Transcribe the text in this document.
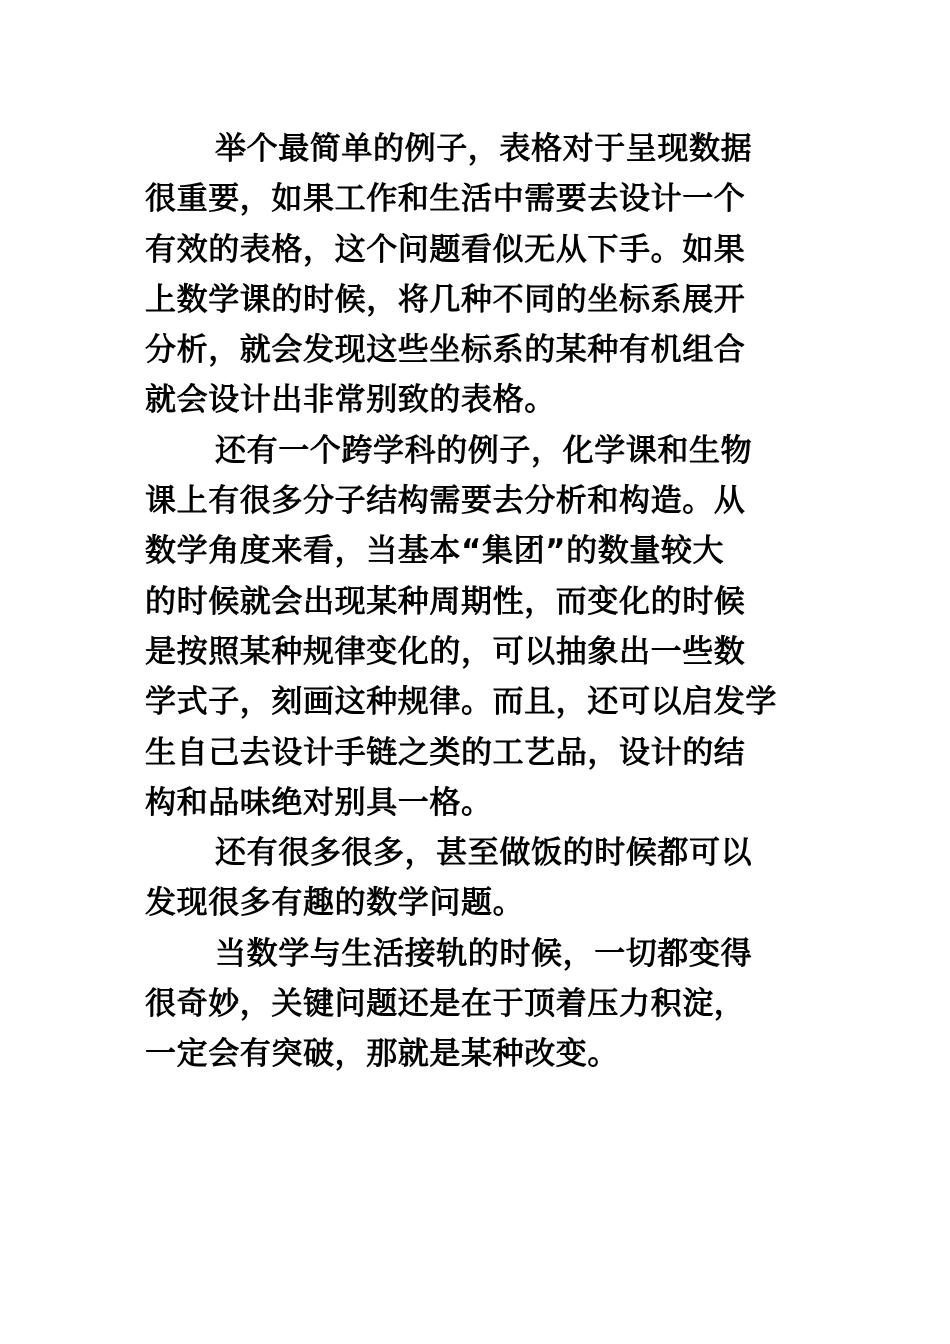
举个最简单的例子，表格对于呈现数据
很重要，如果工作和生活中需要去设计一个
有效的表格，这个问题看似无从下手。如果
上数学课的时候，将几种不同的坐标系展开
分析，就会发现这些坐标系的某种有机组合
就会设计出非常别致的表格。
还有一个跨学科的例子，化学课和生物
课上有很多分子结构需要去分析和构造。从
数学角度来看，当基本“集团”的数量较大
的时候就会出现某种周期性，而变化的时候
是按照某种规律变化的，可以抽象出一些数
学式子，刻画这种规律。而且，还可以启发学
生自己去设计手链之类的工艺品，设计的结
构和品味绝对别具一格。
还有很多很多，甚至做饭的时候都可以
发现很多有趣的数学问题。
当数学与生活接轨的时候，一切都变得
很奇妙，关键问题还是在于顶着压力积淀，
一定会有突破，那就是某种改变。
